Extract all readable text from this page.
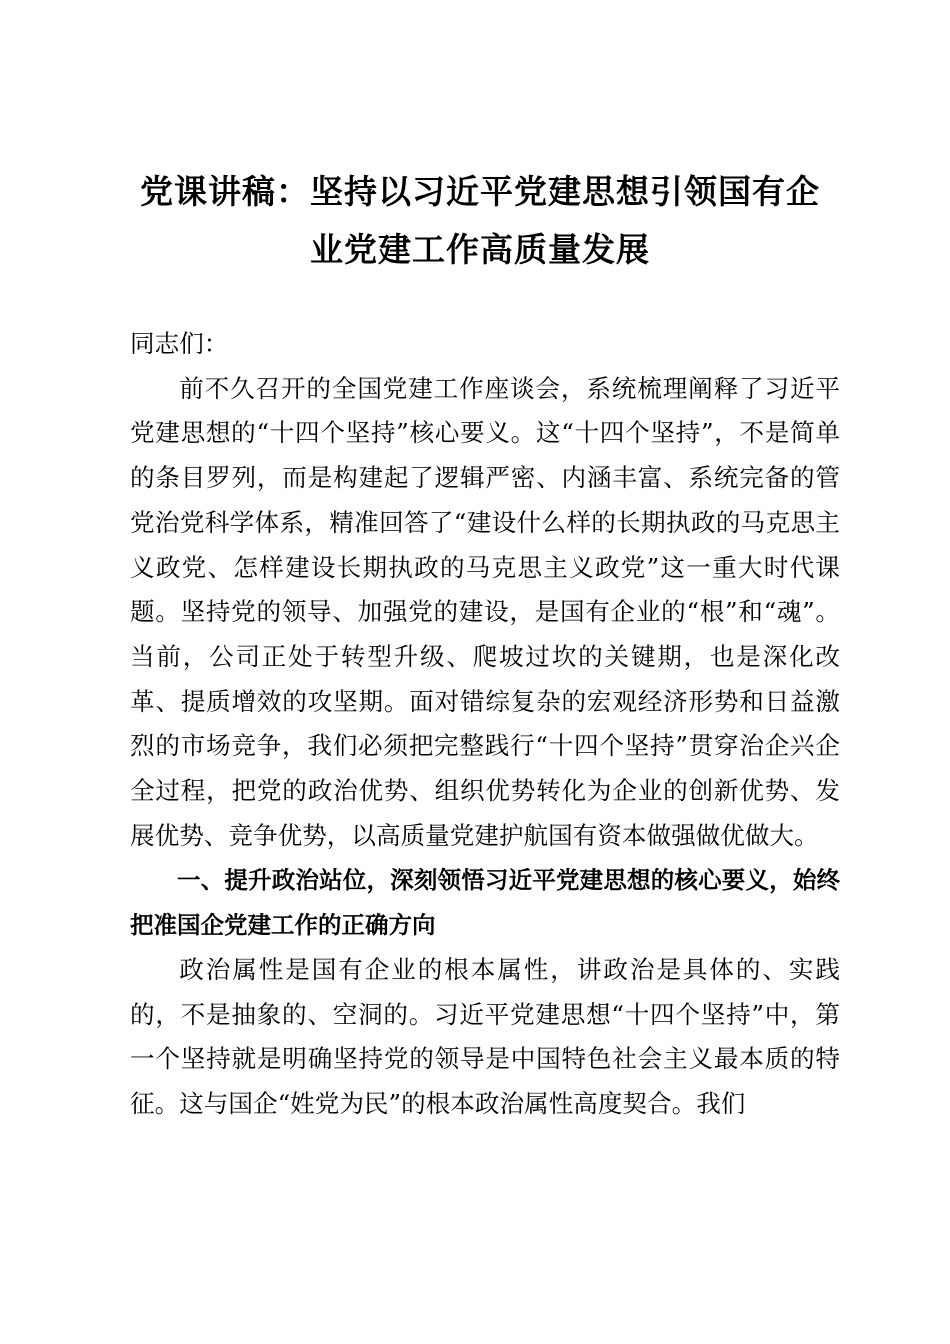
党课讲稿：坚持以习近平党建思想引领国有企
业党建工作高质量发展

同志们：

前不久召开的全国党建工作座谈会，系统梳理阐释了习近平党建思想的“十四个坚持”核心要义。这“十四个坚持”，不是简单的条目罗列，而是构建起了逻辑严密、内涵丰富、系统完备的管党治党科学体系，精准回答了“建设什么样的长期执政的马克思主义政党、怎样建设长期执政的马克思主义政党”这一重大时代课题。坚持党的领导、加强党的建设，是国有企业的“根”和“魂”。当前，公司正处于转型升级、爬坡过坎的关键期，也是深化改革、提质增效的攻坚期。面对错综复杂的宏观经济形势和日益激烈的市场竞争，我们必须把完整践行“十四个坚持”贯穿治企兴企全过程，把党的政治优势、组织优势转化为企业的创新优势、发展优势、竞争优势，以高质量党建护航国有资本做强做优做大。

一、提升政治站位，深刻领悟习近平党建思想的核心要义，始终把准国企党建工作的正确方向

政治属性是国有企业的根本属性，讲政治是具体的、实践的，不是抽象的、空洞的。习近平党建思想“十四个坚持”中，第一个坚持就是明确坚持党的领导是中国特色社会主义最本质的特征。这与国企“姓党为民”的根本政治属性高度契合。我们
